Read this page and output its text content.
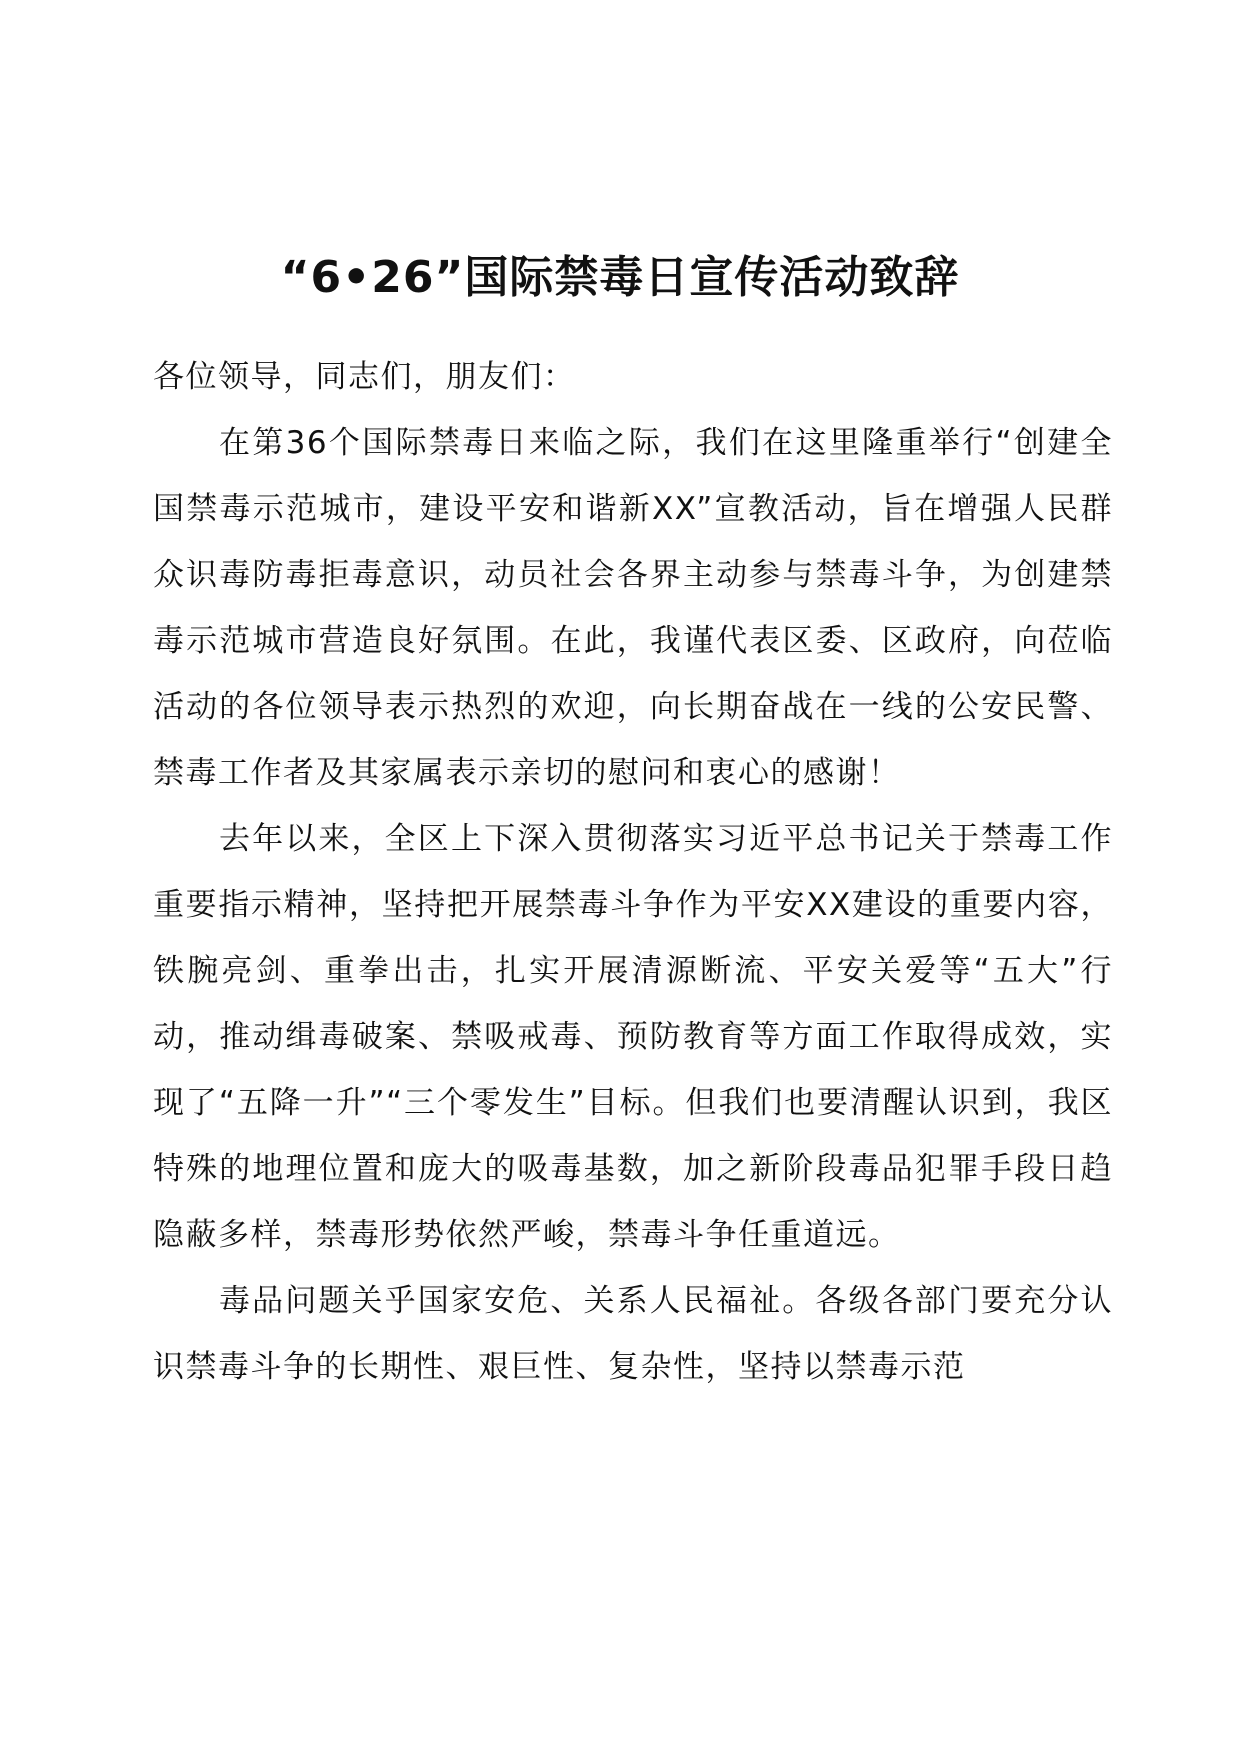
“6•26”国际禁毒日宣传活动致辞

各位领导，同志们，朋友们：

在第36个国际禁毒日来临之际，我们在这里隆重举行“创建全国禁毒示范城市，建设平安和谐新XX”宣教活动，旨在增强人民群众识毒防毒拒毒意识，动员社会各界主动参与禁毒斗争，为创建禁毒示范城市营造良好氛围。在此，我谨代表区委、区政府，向莅临活动的各位领导表示热烈的欢迎，向长期奋战在一线的公安民警、禁毒工作者及其家属表示亲切的慰问和衷心的感谢！

去年以来，全区上下深入贯彻落实习近平总书记关于禁毒工作重要指示精神，坚持把开展禁毒斗争作为平安XX建设的重要内容，铁腕亮剑、重拳出击，扎实开展清源断流、平安关爱等“五大”行动，推动缉毒破案、禁吸戒毒、预防教育等方面工作取得成效，实现了“五降一升”“三个零发生”目标。但我们也要清醒认识到，我区特殊的地理位置和庞大的吸毒基数，加之新阶段毒品犯罪手段日趋隐蔽多样，禁毒形势依然严峻，禁毒斗争任重道远。

毒品问题关乎国家安危、关系人民福祉。各级各部门要充分认识禁毒斗争的长期性、艰巨性、复杂性，坚持以禁毒示范
